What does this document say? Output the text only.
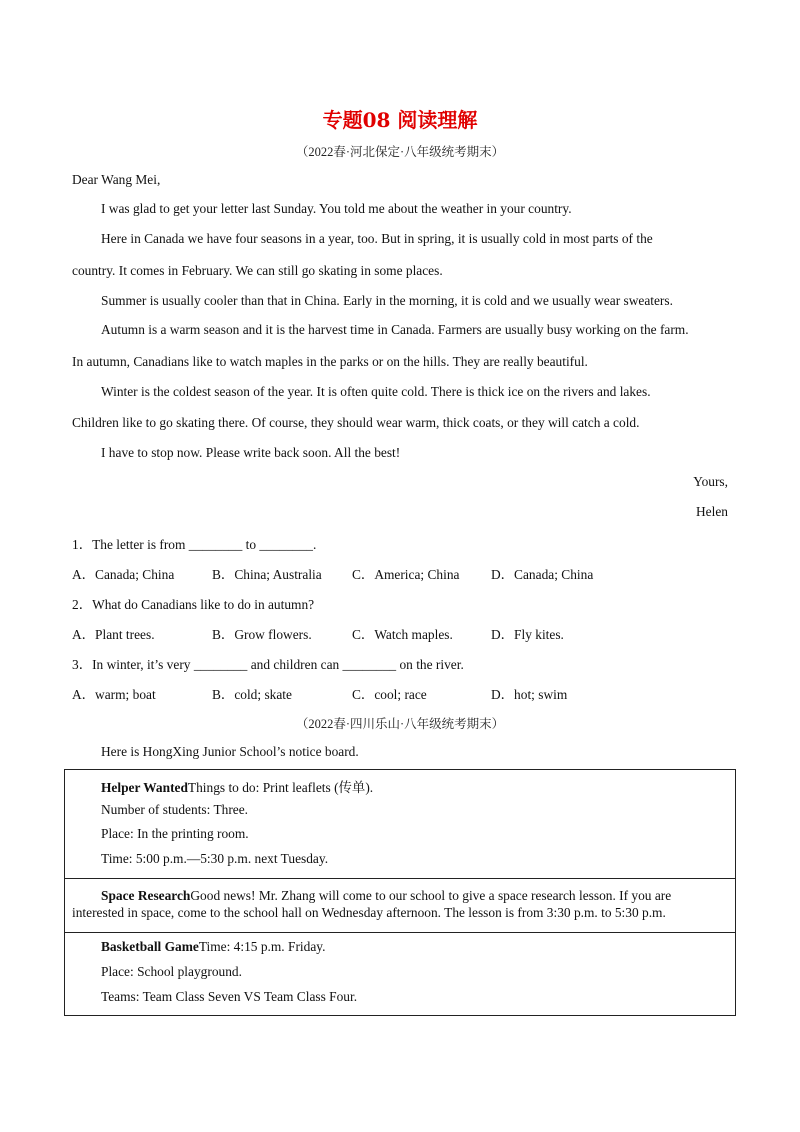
专题08 阅读理解
（2022春·河北保定·八年级统考期末）
Dear Wang Mei,
I was glad to get your letter last Sunday. You told me about the weather in your country.
Here in Canada we have four seasons in a year, too. But in spring, it is usually cold in most parts of the
country. It comes in February. We can still go skating in some places.
Summer is usually cooler than that in China. Early in the morning, it is cold and we usually wear sweaters.
Autumn is a warm season and it is the harvest time in Canada. Farmers are usually busy working on the farm.
In autumn, Canadians like to watch maples in the parks or on the hills. They are really beautiful.
Winter is the coldest season of the year. It is often quite cold. There is thick ice on the rivers and lakes.
Children like to go skating there. Of course, they should wear warm, thick coats, or they will catch a cold.
I have to stop now. Please write back soon. All the best!
Yours,
Helen
1．The letter is from ________ to ________.
A．Canada; China	B．China; Australia C．America; China D．Canada; China
2．What do Canadians like to do in autumn?
A．Plant trees.	B．Grow flowers.	C．Watch maples.	D．Fly kites.
3．In winter, it’s very ________ and children can ________ on the river.
A．warm; boat	B．cold; skate	C．cool; race	D．hot; swim
（2022春·四川乐山·八年级统考期末）
Here is HongXing Junior School’s notice board.
Helper WantedThings to do: Print leaflets (传单).
Number of students: Three.
Place: In the printing room.
Time: 5:00 p.m.—5:30 p.m. next Tuesday.
Space ResearchGood news! Mr. Zhang will come to our school to give a space research lesson. If you are interested in space, come to the school hall on Wednesday afternoon. The lesson is from 3:30 p.m. to 5:30 p.m.
Basketball GameTime: 4:15 p.m. Friday.
Place: School playground.
Teams: Team Class Seven VS Team Class Four.
